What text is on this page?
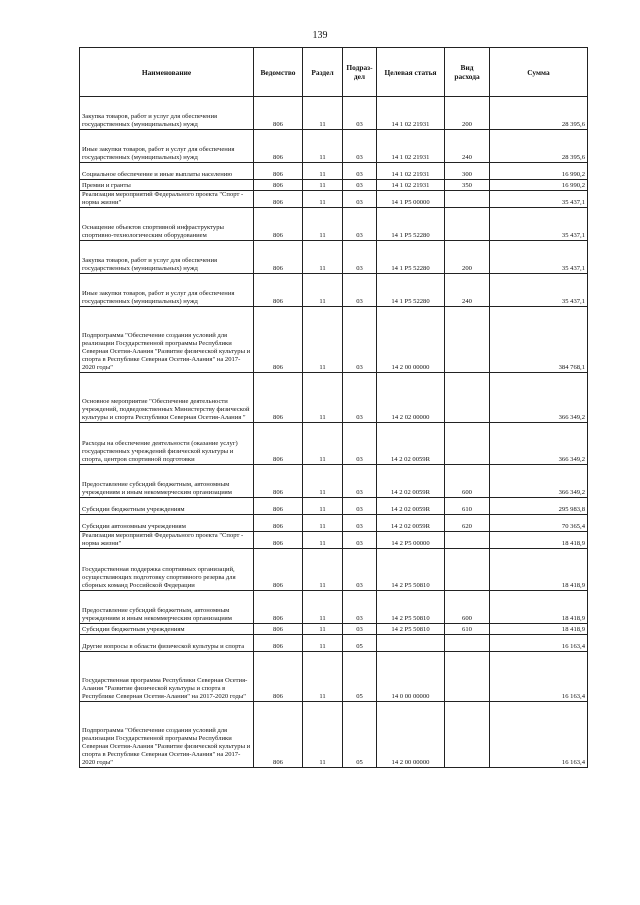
139
Наименование	Ведомство	Раздел	Подраз-дел	Целевая статья	Вид расхода	Сумма
Закупка товаров, работ и услуг для обеспечения государственных (муниципальных) нужд	806	11	03	14 1 02 21931	200	28 395,6
Иные закупки товаров, работ и услуг для обеспечения государственных (муниципальных) нужд	806	11	03	14 1 02 21931	240	28 395,6
Социальное обеспечение и иные выплаты населению	806	11	03	14 1 02 21931	300	16 990,2
Премии и гранты	806	11	03	14 1 02 21931	350	16 990,2
Реализация мероприятий Федерального проекта "Спорт - норма жизни"	806	11	03	14 1 P5 00000		35 437,1
Оснащение объектов спортивной инфраструктуры спортивно-технологическим оборудованием	806	11	03	14 1 P5 52280		35 437,1
Закупка товаров, работ и услуг для обеспечения государственных (муниципальных) нужд	806	11	03	14 1 P5 52280	200	35 437,1
Иные закупки товаров, работ и услуг для обеспечения государственных (муниципальных) нужд	806	11	03	14 1 P5 52280	240	35 437,1
Подпрограмма "Обеспечение создания условий для реализации Государственной программы Республики Северная Осетия-Алания "Развитие физической культуры и спорта в Республике Северная Осетия-Алания" на 2017-2020 годы"	806	11	03	14 2 00 00000		384 768,1
Основное мероприятие "Обеспечение деятельности учреждений, подведомственных Министерству физической культуры и спорта Республики Северная Осетия-Алания "	806	11	03	14 2 02 00000		366 349,2
Расходы на обеспечение деятельности (оказание услуг) государственных учреждений физической культуры и спорта, центров спортивной подготовки	806	11	03	14 2 02 0059R		366 349,2
Предоставление субсидий бюджетным, автономным учреждениям и иным некоммерческим организациям	806	11	03	14 2 02 0059R	600	366 349,2
Субсидии бюджетным учреждениям	806	11	03	14 2 02 0059R	610	295 983,8
Субсидии автономным учреждениям	806	11	03	14 2 02 0059R	620	70 365,4
Реализация мероприятий Федерального проекта "Спорт - норма жизни"	806	11	03	14 2 P5 00000		18 418,9
Государственная поддержка спортивных организаций, осуществляющих подготовку спортивного резерва для сборных команд Российской Федерации	806	11	03	14 2 P5 50810		18 418,9
Предоставление субсидий бюджетным, автономным учреждениям и иным некоммерческим организациям	806	11	03	14 2 P5 50810	600	18 418,9
Субсидии бюджетным учреждениям	806	11	03	14 2 P5 50810	610	18 418,9
Другие вопросы в области физической культуры и спорта	806	11	05			16 163,4
Государственная программа Республики Северная Осетия-Алания "Развитие физической культуры и спорта в Республике Северная Осетия-Алания" на 2017-2020 годы"	806	11	05	14 0 00 00000		16 163,4
Подпрограмма "Обеспечение создания условий для реализации Государственной программы Республики Северная Осетия-Алания "Развитие физической культуры и спорта в Республике Северная Осетия-Алания" на 2017-2020 годы"	806	11	05	14 2 00 00000		16 163,4
